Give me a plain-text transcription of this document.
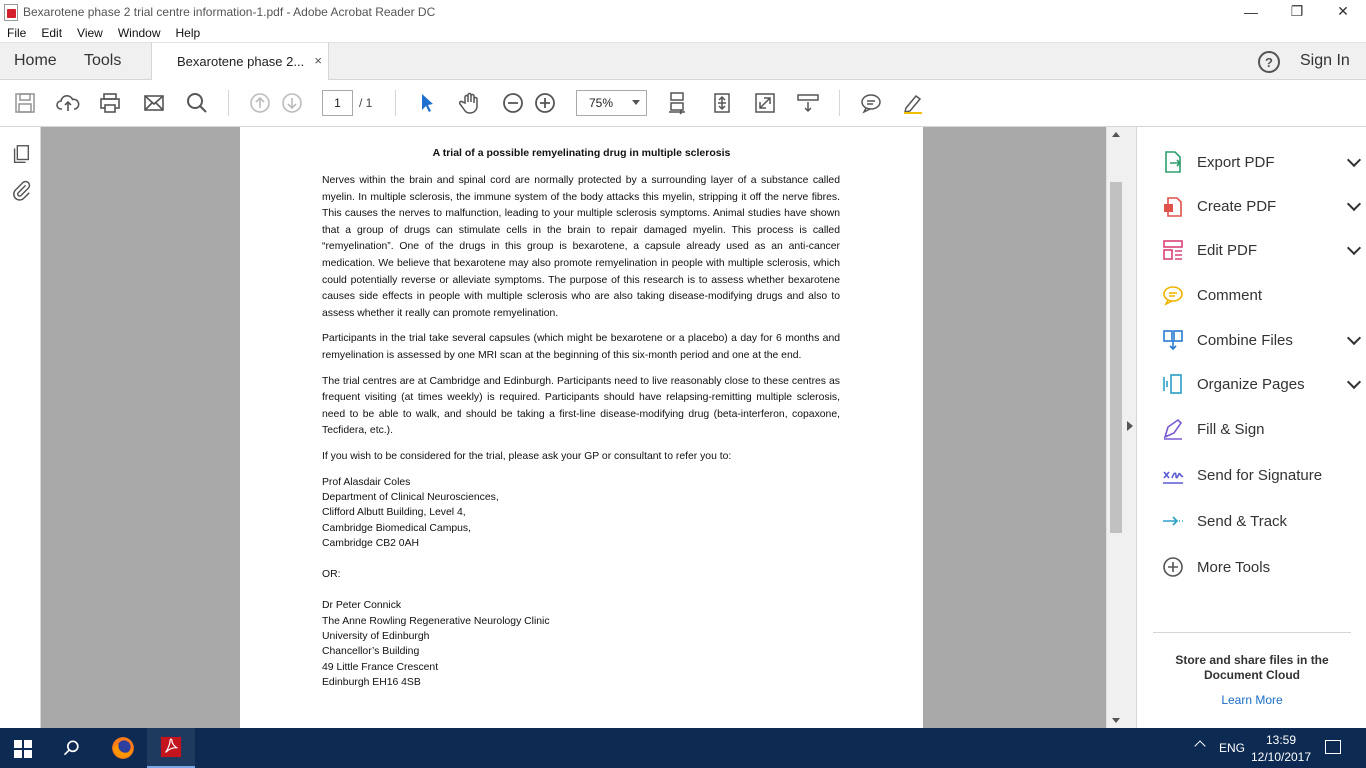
Bexarotene phase 2 trial centre information-1.pdf - Adobe Acrobat Reader DC	—	❐	✕
File Edit View Window Help
Home Tools	Bexarotene phase 2... ×	?	Sign In
1	/ 1	75%
A trial of a possible remyelinating drug in multiple sclerosis

Nerves within the brain and spinal cord are normally protected by a surrounding layer of a substance called myelin. In multiple sclerosis, the immune system of the body attacks this myelin, stripping it off the nerve fibres. This causes the nerves to malfunction, leading to your multiple sclerosis symptoms. Animal studies have shown that a group of drugs can stimulate cells in the brain to repair damaged myelin. This process is called “remyelination”. One of the drugs in this group is bexarotene, a capsule already used as an anti-cancer medication. We believe that bexarotene may also promote remyelination in people with multiple sclerosis, which could potentially reverse or alleviate symptoms. The purpose of this research is to assess whether bexarotene causes side effects in people with multiple sclerosis who are also taking disease-modifying drugs and also to assess whether it really can promote remyelination.

Participants in the trial take several capsules (which might be bexarotene or a placebo) a day for 6 months and remyelination is assessed by one MRI scan at the beginning of this six-month period and one at the end.

The trial centres are at Cambridge and Edinburgh. Participants need to live reasonably close to these centres as frequent visiting (at times weekly) is required. Participants should have relapsing-remitting multiple sclerosis, need to be able to walk, and should be taking a first-line disease-modifying drug (beta-interferon, copaxone, Tecfidera, etc.).

If you wish to be considered for the trial, please ask your GP or consultant to refer you to:

Prof Alasdair Coles
Department of Clinical Neurosciences,
Clifford Albutt Building, Level 4,
Cambridge Biomedical Campus,
Cambridge CB2 0AH
OR:
Dr Peter Connick
The Anne Rowling Regenerative Neurology Clinic
University of Edinburgh
Chancellor’s Building
49 Little France Crescent
Edinburgh EH16 4SB
Export PDF
Create PDF
Edit PDF
Comment
Combine Files
Organize Pages
Fill & Sign
Send for Signature
Send & Track
More Tools
Store and share files in the Document Cloud
Learn More
ENG
13:59
12/10/2017
